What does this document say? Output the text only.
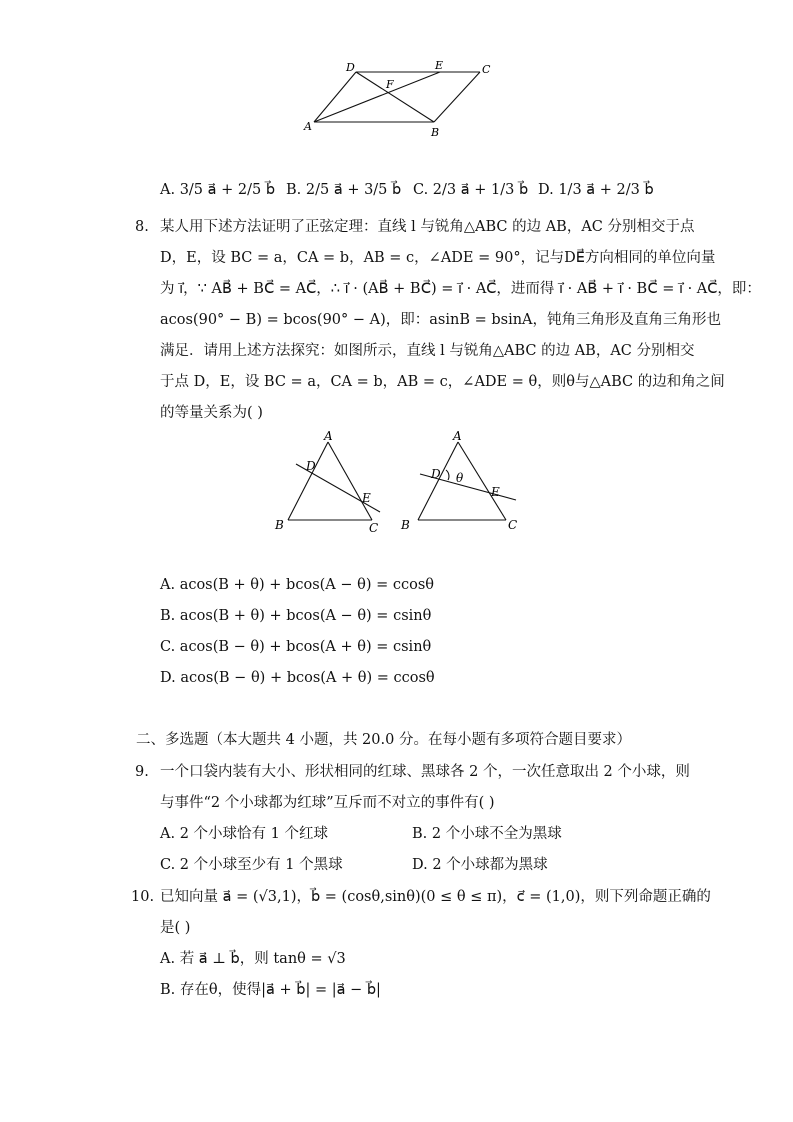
D	E	C
F
A	B
A. 3/5 a⃗ + 2/5 b⃗ B. 2/5 a⃗ + 3/5 b⃗ C. 2/3 a⃗ + 1/3 b⃗ D. 1/3 a⃗ + 2/3 b⃗
8. 某人用下述方法证明了正弦定理：直线 l 与锐角△ABC 的边 AB，AC 分别相交于点
D，E，设 BC = a，CA = b，AB = c，∠ADE = 90°，记与DE⃗方向相同的单位向量
为 i⃗，∵ AB⃗ + BC⃗ = AC⃗，∴ i⃗ · (AB⃗ + BC⃗) = i⃗ · AC⃗，进而得 i⃗ · AB⃗ + i⃗ · BC⃗ = i⃗ · AC⃗，即：
acos(90° − B) = bcos(90° − A)，即：asinB = bsinA，钝角三角形及直角三角形也
满足．请用上述方法探究：如图所示，直线 l 与锐角△ABC 的边 AB，AC 分别相交
于点 D，E，设 BC = a，CA = b，AB = c，∠ADE = θ，则θ与△ABC 的边和角之间
的等量关系为( )
A
D
E
B	C
A
D θ
E
B	C
A. acos(B + θ) + bcos(A − θ) = ccosθ
B. acos(B + θ) + bcos(A − θ) = csinθ
C. acos(B − θ) + bcos(A + θ) = csinθ
D. acos(B − θ) + bcos(A + θ) = ccosθ
二、多选题（本大题共 4 小题，共 20.0 分。在每小题有多项符合题目要求）
9. 一个口袋内装有大小、形状相同的红球、黑球各 2 个，一次任意取出 2 个小球，则
与事件“2 个小球都为红球”互斥而不对立的事件有( )
A. 2 个小球恰有 1 个红球	B. 2 个小球不全为黑球
C. 2 个小球至少有 1 个黑球	D. 2 个小球都为黑球
10. 已知向量 a⃗ = (√3,1)，b⃗ = (cosθ,sinθ)(0 ≤ θ ≤ π)，c⃗ = (1,0)，则下列命题正确的
是( )
A. 若 a⃗ ⊥ b⃗，则 tanθ = √3
B. 存在θ，使得|a⃗ + b⃗| = |a⃗ − b⃗|
